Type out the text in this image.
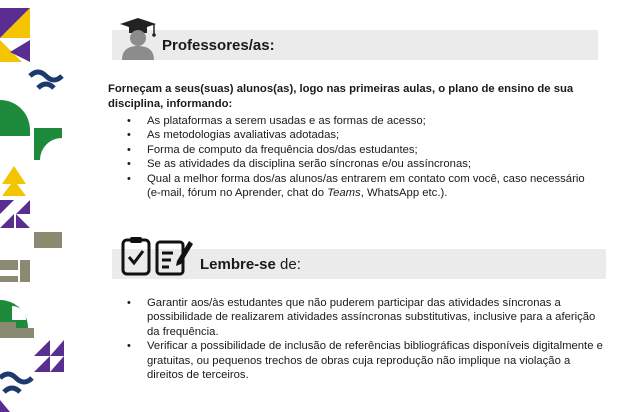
Professores/as:
Forneçam a seus(suas) alunos(as), logo nas primeiras aulas, o plano de ensino de sua disciplina, informando:
• As plataformas a serem usadas e as formas de acesso;
• As metodologias avaliativas adotadas;
• Forma de computo da frequência dos/das estudantes;
• Se as atividades da disciplina serão síncronas e/ou assíncronas;
• Qual a melhor forma dos/as alunos/as entrarem em contato com você, caso necessário (e-mail, fórum no Aprender, chat do Teams, WhatsApp etc.).
Lembre-se de:
• Garantir aos/às estudantes que não puderem participar das atividades síncronas a possibilidade de realizarem atividades assíncronas substitutivas, inclusive para a aferição da frequência.
• Verificar a possibilidade de inclusão de referências bibliográficas disponíveis digitalmente e gratuitas, ou pequenos trechos de obras cuja reprodução não implique na violação a direitos de terceiros.
